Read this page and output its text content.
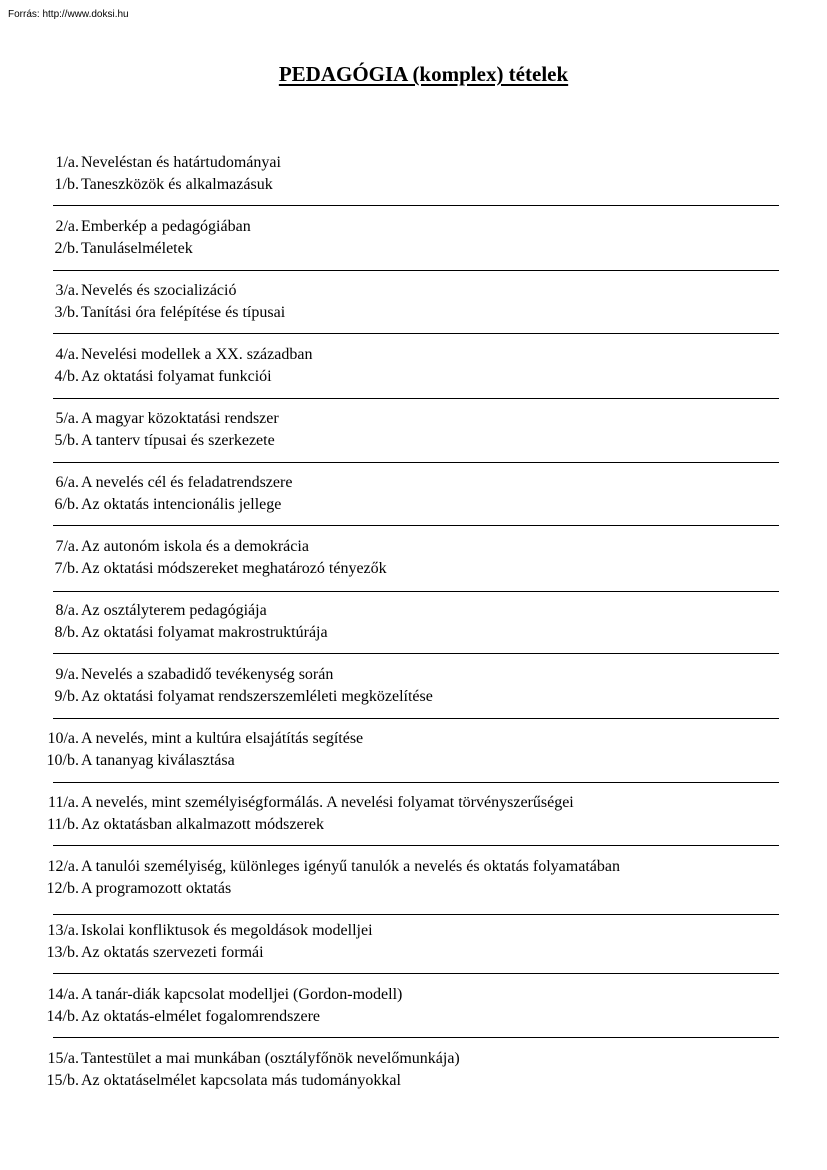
Forrás: http://www.doksi.hu
PEDAGÓGIA (komplex) tételek
1/a. Neveléstan és határtudományai
1/b. Taneszközök és alkalmazásuk
2/a. Emberkép a pedagógiában
2/b. Tanuláselméletek
3/a. Nevelés és szocializáció
3/b. Tanítási óra felépítése és típusai
4/a. Nevelési modellek a XX. században
4/b. Az oktatási folyamat funkciói
5/a. A magyar közoktatási rendszer
5/b. A tanterv típusai és szerkezete
6/a. A nevelés cél és feladatrendszere
6/b. Az oktatás intencionális jellege
7/a. Az autonóm iskola és a demokrácia
7/b. Az oktatási módszereket meghatározó tényezők
8/a. Az osztályterem pedagógiája
8/b. Az oktatási folyamat makrostruktúrája
9/a. Nevelés a szabadidő tevékenység során
9/b. Az oktatási folyamat rendszerszemléleti megközelítése
10/a. A nevelés, mint a kultúra elsajátítás segítése
10/b. A tananyag kiválasztása
11/a. A nevelés, mint személyiségformálás. A nevelési folyamat törvényszerűségei
11/b. Az oktatásban alkalmazott módszerek
12/a. A tanulói személyiség, különleges igényű tanulók a nevelés és oktatás folyamatában
12/b. A programozott oktatás
13/a. Iskolai konfliktusok és megoldások modelljei
13/b. Az oktatás szervezeti formái
14/a. A tanár-diák kapcsolat modelljei (Gordon-modell)
14/b. Az oktatás-elmélet fogalomrendszere
15/a. Tantestület a mai munkában (osztályfőnök nevelőmunkája)
15/b. Az oktatáselmélet kapcsolata más tudományokkal
